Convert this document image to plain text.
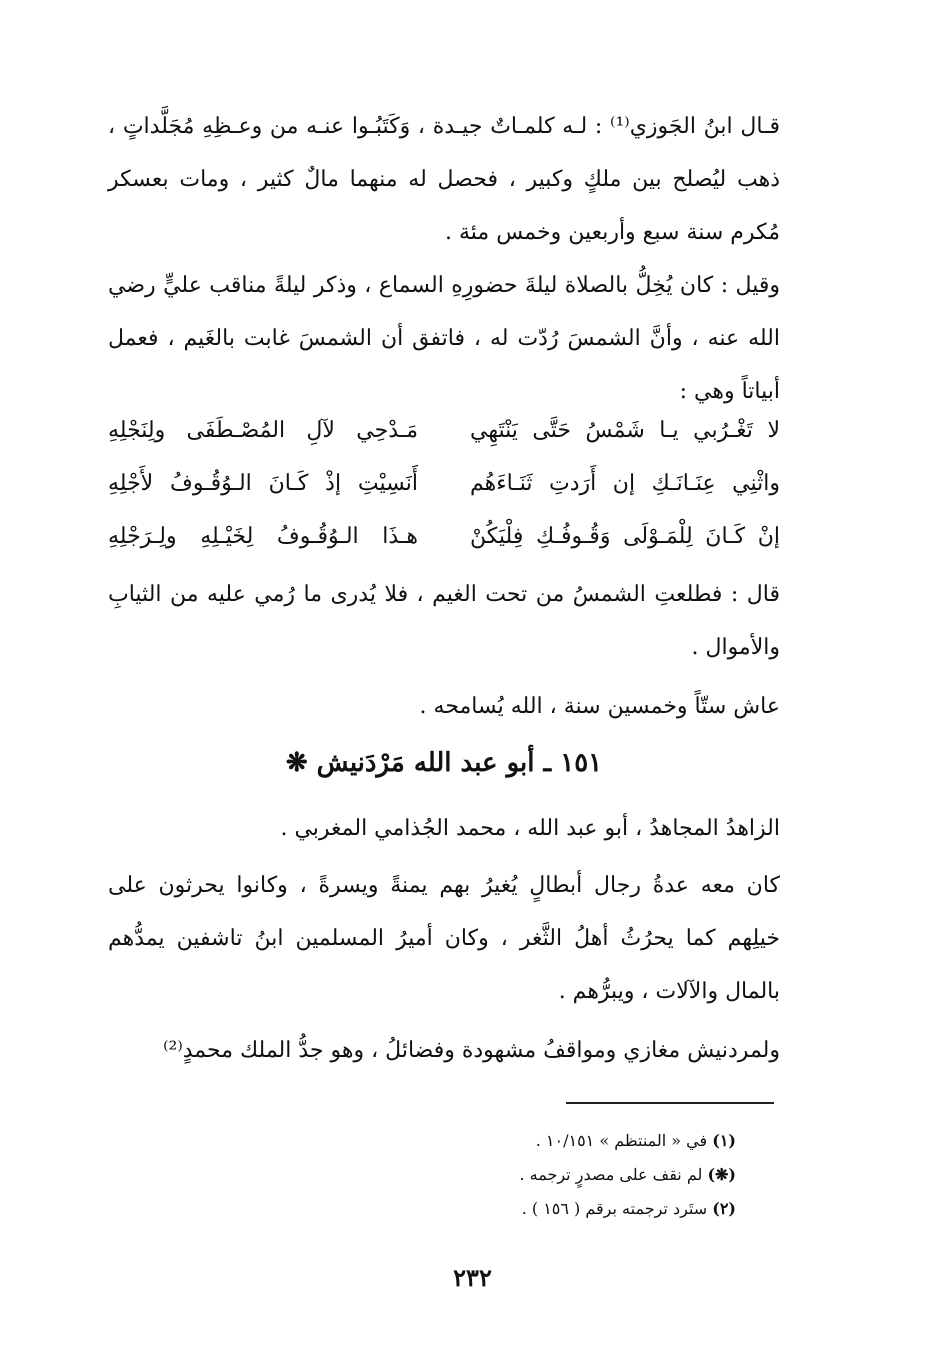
قـال ابنُ الجَوزي⁽¹⁾ : لـه كلمـاتٌ جيـدة ، وَكَتَبُـوا عنـه من وعـظِهِ مُجَلَّداتٍ ، ذهب ليُصلح بين ملكٍ وكبير ، فحصل له منهما مالٌ كثير ، ومات بعسكر مُكرم سنة سبع وأربعين وخمس مئة .

وقيل : كان يُخِلُّ بالصلاة ليلةَ حضورِهِ السماع ، وذكر ليلةً مناقب عليٍّ رضي الله عنه ، وأنَّ الشمسَ رُدّت له ، فاتفق أن الشمسَ غابت بالغَيم ، فعمل أبياتاً وهي :

لا تَغْـرُبي يـا شَمْسُ حَتَّى يَنْتَهِي
مَـدْحِي لآلِ المُصْـطَفَى ولِنَجْلِهِ
واثْنِي عِنَـانَـكِ إن أَرَدتِ ثَنَـاءَهُم
أَنَسِيْتِ إذْ كَـانَ الـوُقُـوفُ لأَجْلِهِ
إنْ كَـانَ لِلْمَـوْلَى وَقُـوفُـكِ فِلْيَكُنْ
هـذَا الـوُقُـوفُ لِخَيْـلِهِ ولِـرَجْلِهِ

قال : فطلعتِ الشمسُ من تحت الغيم ، فلا يُدرى ما رُمي عليه من الثيابِ والأموال .

عاش ستّاً وخمسين سنة ، الله يُسامحه .

١٥١ ـ أبو عبد الله مَرْدَنيش ❋

الزاهدُ المجاهدُ ، أبو عبد الله ، محمد الجُذامي المغربي .

كان معه عدةُ رجال أبطالٍ يُغيرُ بهم يمنةً ويسرةً ، وكانوا يحرثون على خيلِهم كما يحرُثُ أهلُ الثَّغر ، وكان أميرُ المسلمين ابنُ تاشفين يمدُّهم بالمال والآلات ، ويبرُّهم .

ولمردنيش مغازي ومواقفُ مشهودة وفضائلُ ، وهو جدُّ الملك محمدٍ⁽²⁾

(١) في « المنتظم » ١٠/١٥١ .
(❋) لم نقف على مصدرٍ ترجمه .
(٢) ستَرد ترجمته برقم ( ١٥٦ ) .
٢٣٢
